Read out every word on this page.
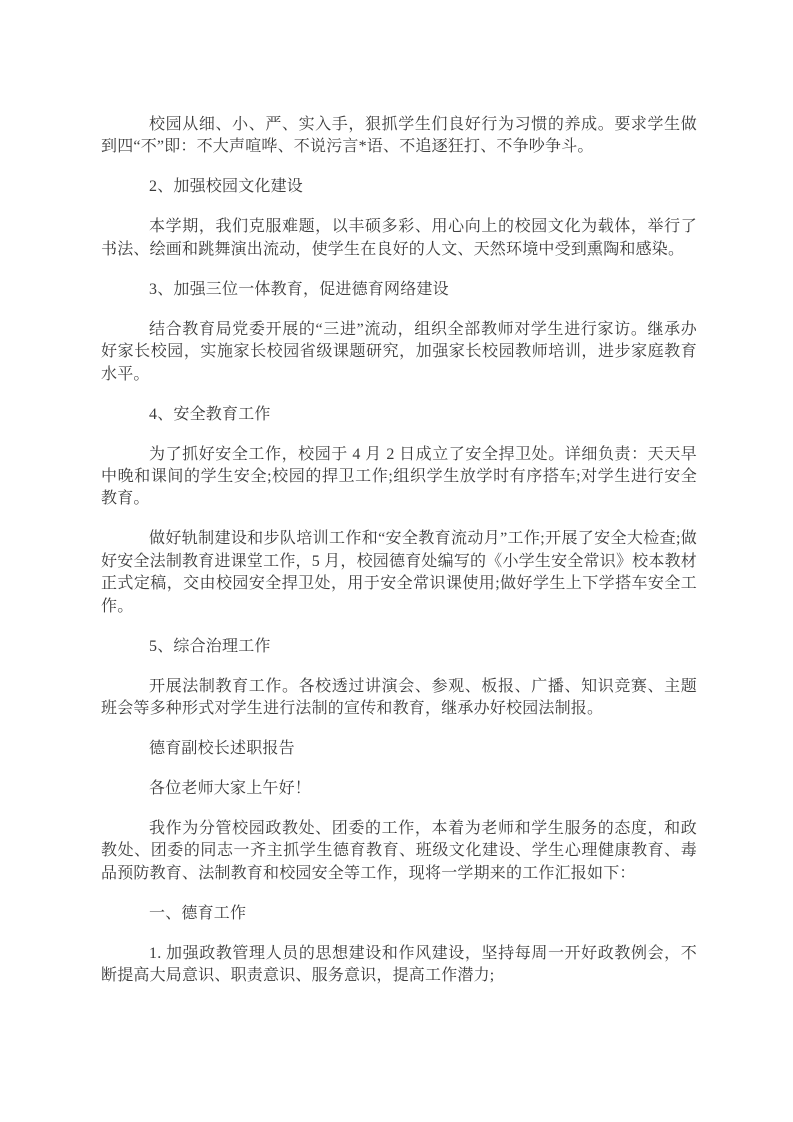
校园从细、小、严、实入手，狠抓学生们良好行为习惯的养成。要求学生做到四“不”即：不大声喧哗、不说污言*语、不追逐狂打、不争吵争斗。

2、加强校园文化建设

本学期，我们克服难题，以丰硕多彩、用心向上的校园文化为载体，举行了书法、绘画和跳舞演出流动，使学生在良好的人文、天然环境中受到熏陶和感染。

3、加强三位一体教育，促进德育网络建设

结合教育局党委开展的“三进”流动，组织全部教师对学生进行家访。继承办好家长校园，实施家长校园省级课题研究，加强家长校园教师培训，进步家庭教育水平。

4、安全教育工作

为了抓好安全工作，校园于 4 月 2 日成立了安全捍卫处。详细负责：天天早中晚和课间的学生安全;校园的捍卫工作;组织学生放学时有序搭车;对学生进行安全教育。

做好轨制建设和步队培训工作和“安全教育流动月”工作;开展了安全大检查;做好安全法制教育进课堂工作，5 月，校园德育处编写的《小学生安全常识》校本教材正式定稿，交由校园安全捍卫处，用于安全常识课使用;做好学生上下学搭车安全工作。

5、综合治理工作

开展法制教育工作。各校透过讲演会、参观、板报、广播、知识竞赛、主题班会等多种形式对学生进行法制的宣传和教育，继承办好校园法制报。

德育副校长述职报告

各位老师大家上午好！

我作为分管校园政教处、团委的工作，本着为老师和学生服务的态度，和政教处、团委的同志一齐主抓学生德育教育、班级文化建设、学生心理健康教育、毒品预防教育、法制教育和校园安全等工作，现将一学期来的工作汇报如下：

一、德育工作

1. 加强政教管理人员的思想建设和作风建设，坚持每周一开好政教例会，不断提高大局意识、职责意识、服务意识，提高工作潜力;
